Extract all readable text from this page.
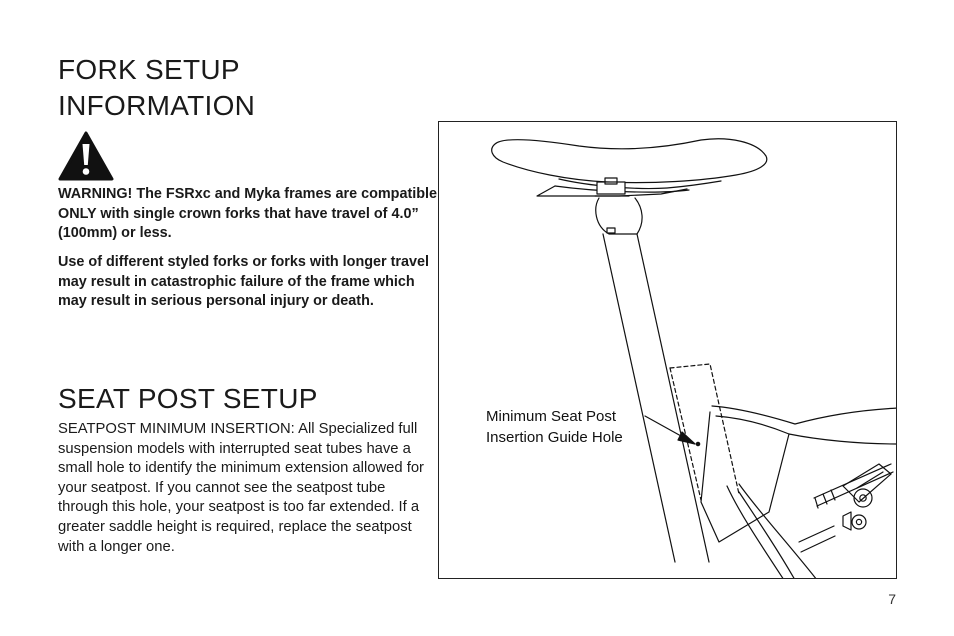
FORK SETUP
INFORMATION

WARNING! The FSRxc and Myka frames are compatible ONLY with single crown forks that have travel of 4.0” (100mm) or less.

Use of different styled forks or forks with longer travel may result in catastrophic failure of the frame which may result in serious personal injury or death.

SEAT POST SETUP

SEATPOST MINIMUM INSERTION: All Specialized full suspension models with interrupted seat tubes have a small hole to identify the minimum extension allowed for your seatpost. If you cannot see the seatpost tube through this hole, your seatpost is too far extended. If a greater saddle height is required, replace the seatpost with a longer one.

Minimum Seat Post
Insertion Guide Hole
7
